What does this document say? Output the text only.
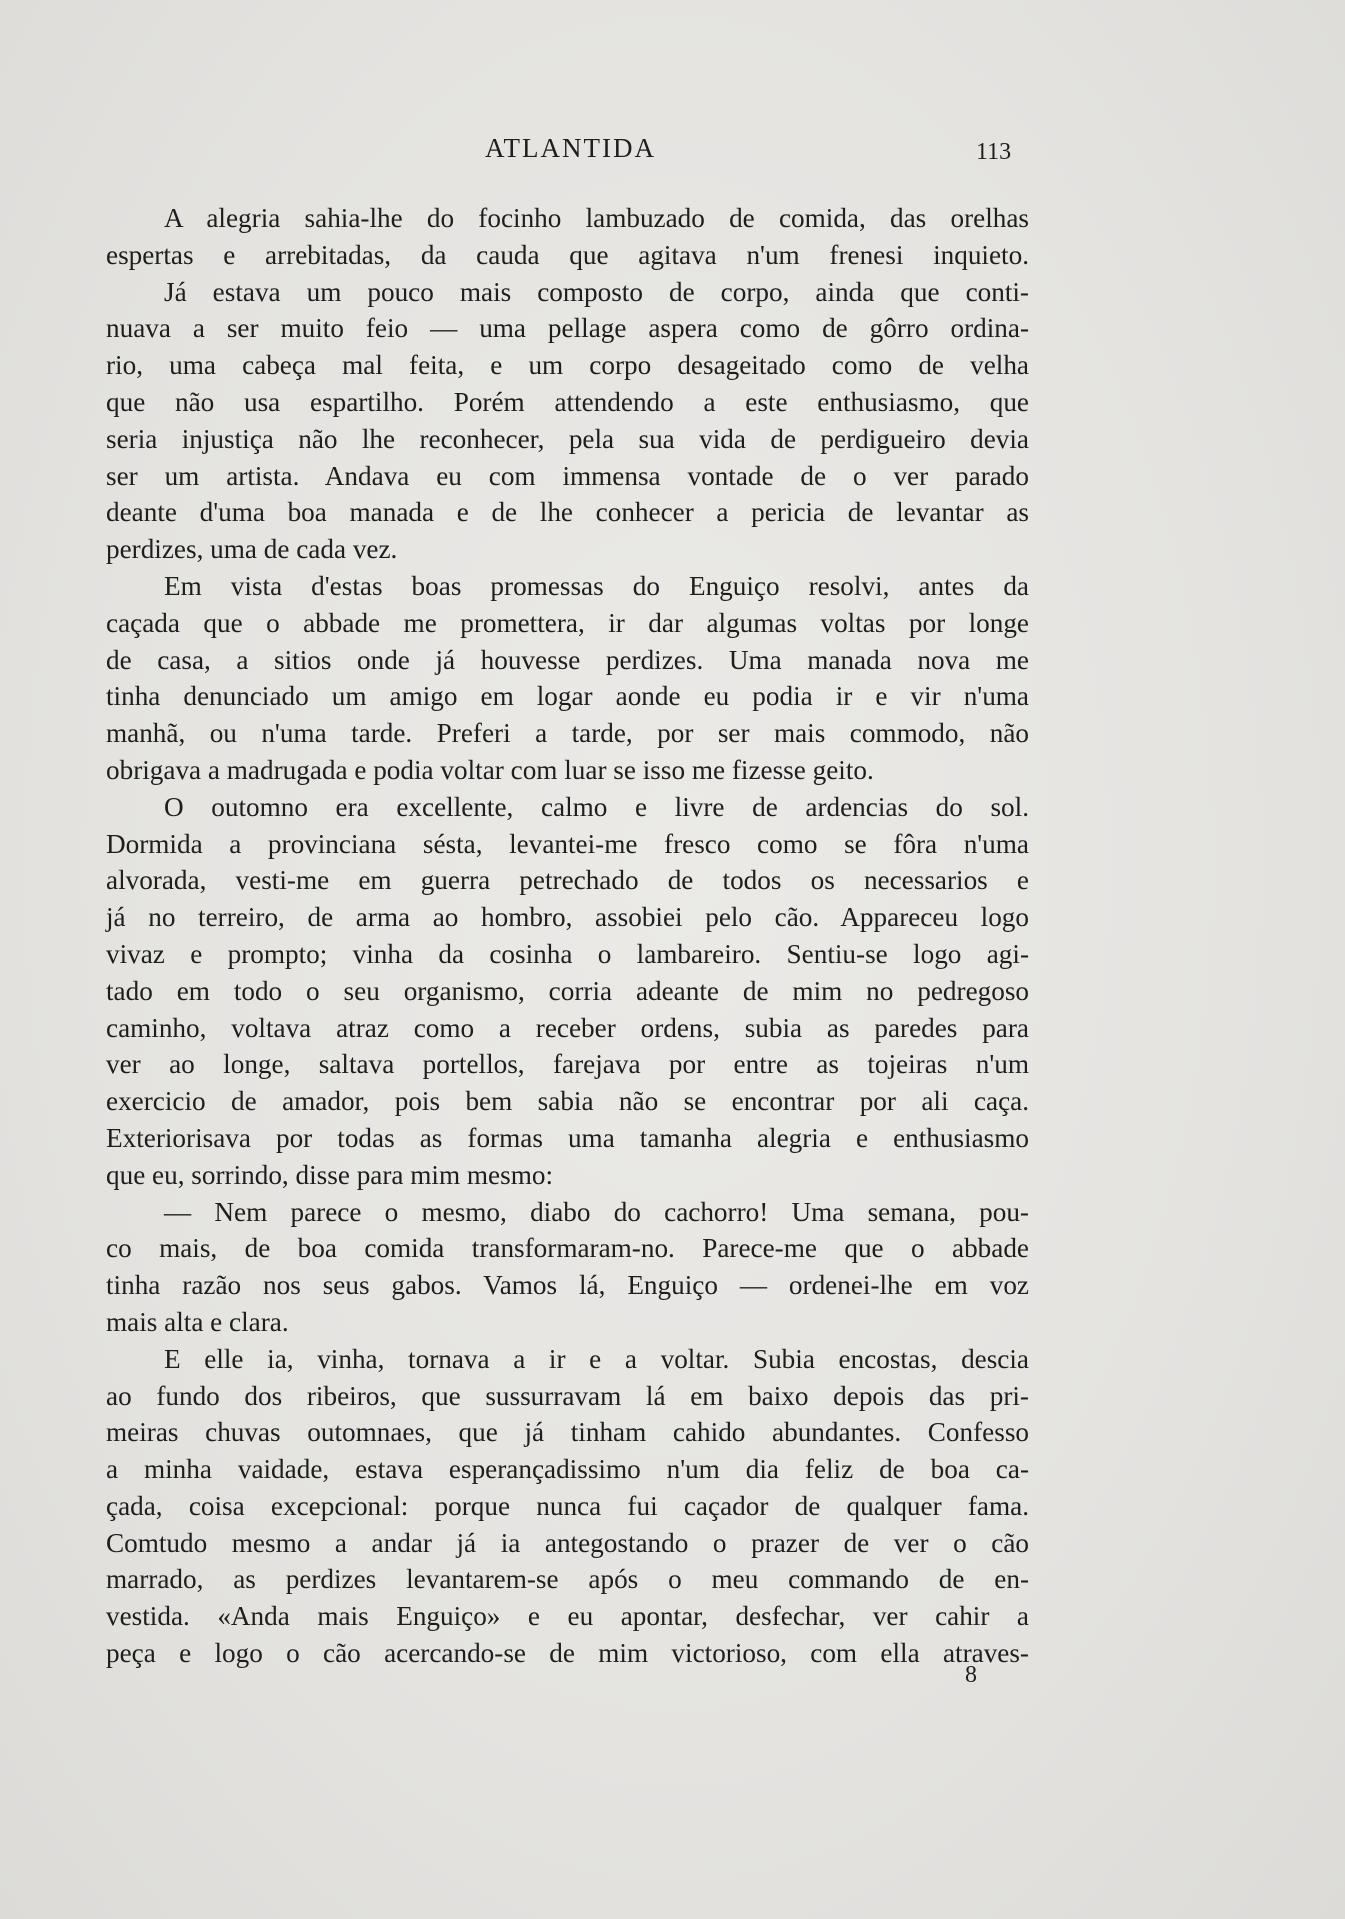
ATLANTIDA	113
A alegria sahia-lhe do focinho lambuzado de comida, das orelhas
espertas e arrebitadas, da cauda que agitava n'um frenesi inquieto.
Já estava um pouco mais composto de corpo, ainda que conti-
nuava a ser muito feio — uma pellage aspera como de gôrro ordina-
rio, uma cabeça mal feita, e um corpo desageitado como de velha
que não usa espartilho. Porém attendendo a este enthusiasmo, que
seria injustiça não lhe reconhecer, pela sua vida de perdigueiro devia
ser um artista. Andava eu com immensa vontade de o ver parado
deante d'uma boa manada e de lhe conhecer a pericia de levantar as
perdizes, uma de cada vez.
Em vista d'estas boas promessas do Enguiço resolvi, antes da
caçada que o abbade me promettera, ir dar algumas voltas por longe
de casa, a sitios onde já houvesse perdizes. Uma manada nova me
tinha denunciado um amigo em logar aonde eu podia ir e vir n'uma
manhã, ou n'uma tarde. Preferi a tarde, por ser mais commodo, não
obrigava a madrugada e podia voltar com luar se isso me fizesse geito.
O outomno era excellente, calmo e livre de ardencias do sol.
Dormida a provinciana sésta, levantei-me fresco como se fôra n'uma
alvorada, vesti-me em guerra petrechado de todos os necessarios e
já no terreiro, de arma ao hombro, assobiei pelo cão. Appareceu logo
vivaz e prompto; vinha da cosinha o lambareiro. Sentiu-se logo agi-
tado em todo o seu organismo, corria adeante de mim no pedregoso
caminho, voltava atraz como a receber ordens, subia as paredes para
ver ao longe, saltava portellos, farejava por entre as tojeiras n'um
exercicio de amador, pois bem sabia não se encontrar por ali caça.
Exteriorisava por todas as formas uma tamanha alegria e enthusiasmo
que eu, sorrindo, disse para mim mesmo:
— Nem parece o mesmo, diabo do cachorro! Uma semana, pou-
co mais, de boa comida transformaram-no. Parece-me que o abbade
tinha razão nos seus gabos. Vamos lá, Enguiço — ordenei-lhe em voz
mais alta e clara.
E elle ia, vinha, tornava a ir e a voltar. Subia encostas, descia
ao fundo dos ribeiros, que sussurravam lá em baixo depois das pri-
meiras chuvas outomnaes, que já tinham cahido abundantes. Confesso
a minha vaidade, estava esperançadissimo n'um dia feliz de boa ca-
çada, coisa excepcional: porque nunca fui caçador de qualquer fama.
Comtudo mesmo a andar já ia antegostando o prazer de ver o cão
marrado, as perdizes levantarem-se após o meu commando de en-
vestida. «Anda mais Enguiço» e eu apontar, desfechar, ver cahir a
peça e logo o cão acercando-se de mim victorioso, com ella atraves-
8
